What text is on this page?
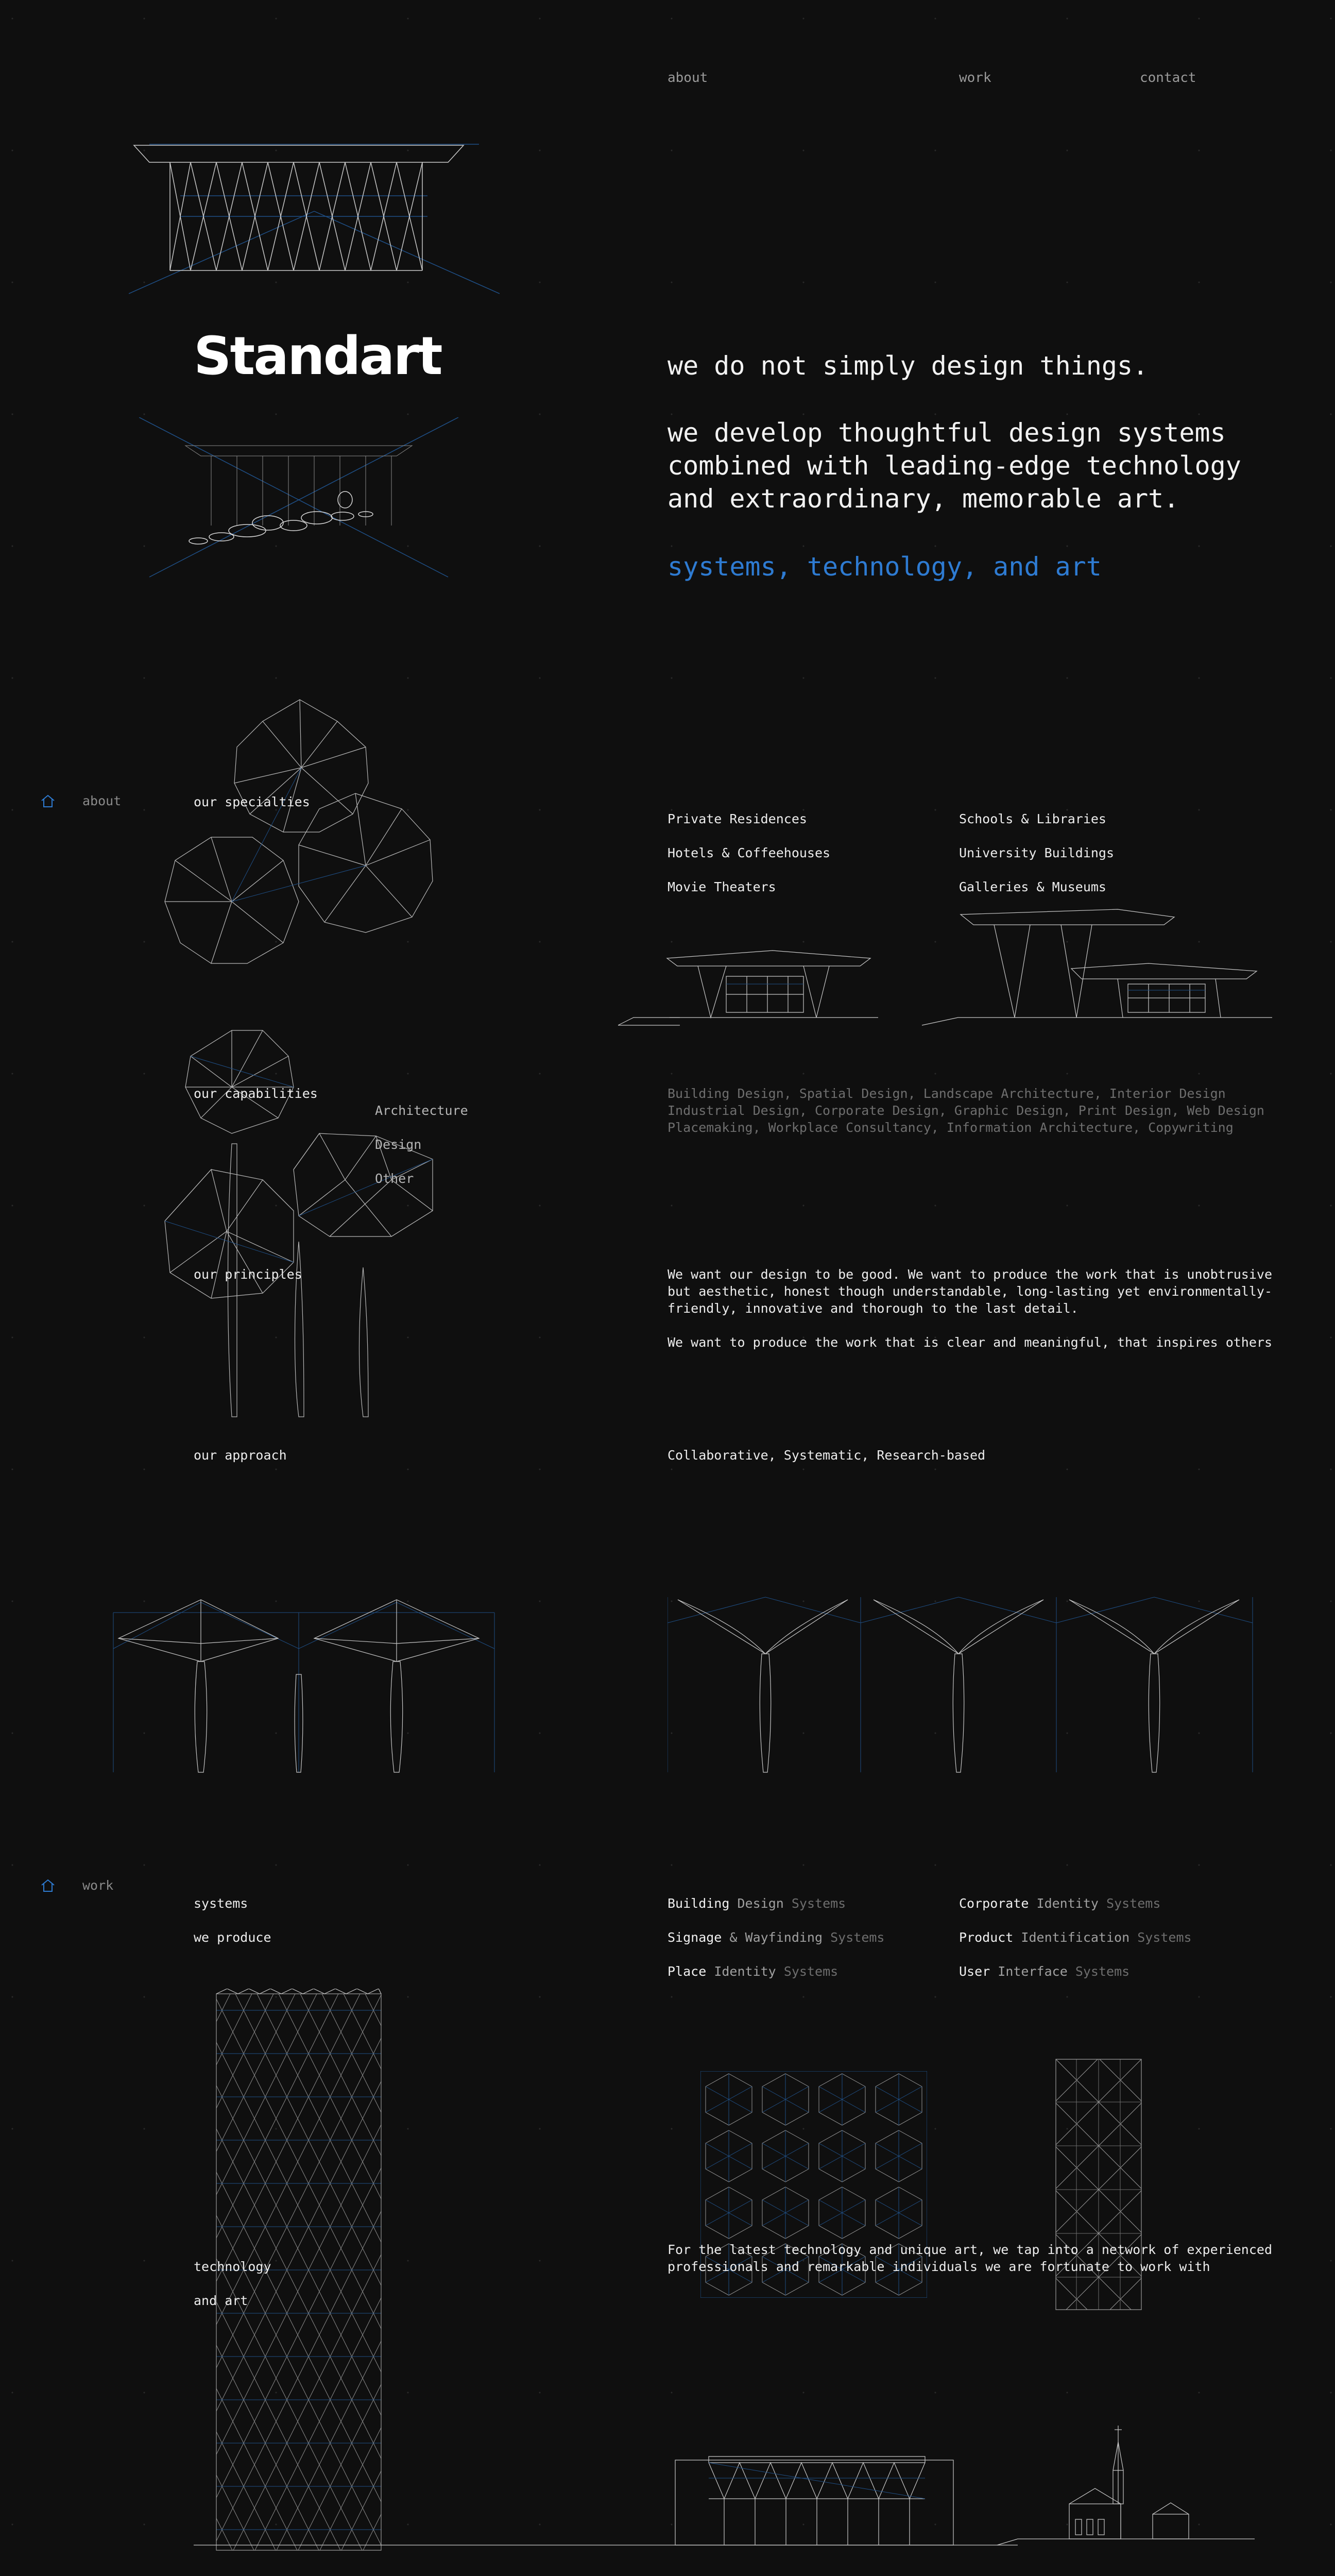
about	work	contact
Standart	we do not simply design things.
we develop thoughtful design systems
combined with leading-edge technology
and extraordinary, memorable art.
systems, technology, and art
about	our specialties

Private Residences

Hotels & Coffeehouses

Movie Theaters

Schools & Libraries

University Buildings

Galleries & Museums

our capabilities

Architecture

Design

Other

Building Design, Spatial Design, Landscape Architecture, Interior Design
Industrial Design, Corporate Design, Graphic Design, Print Design, Web Design
Placemaking, Workplace Consultancy, Information Architecture, Copywriting
our principles	We want our design to be good. We want to produce the work that is unobtrusive
but aesthetic, honest though understandable, long-lasting yet environmentally-
friendly, innovative and thorough to the last detail.
We want to produce the work that is clear and meaningful, that inspires others
our approach	Collaborative, Systematic, Research-based
work

systems

we produce

Building Design Systems

Signage & Wayfinding Systems

Place Identity Systems

Corporate Identity Systems

Product Identification Systems

User Interface Systems

technology

and art

For the latest technology and unique art, we tap into a network of experienced
professionals and remarkable individuals we are fortunate to work with
